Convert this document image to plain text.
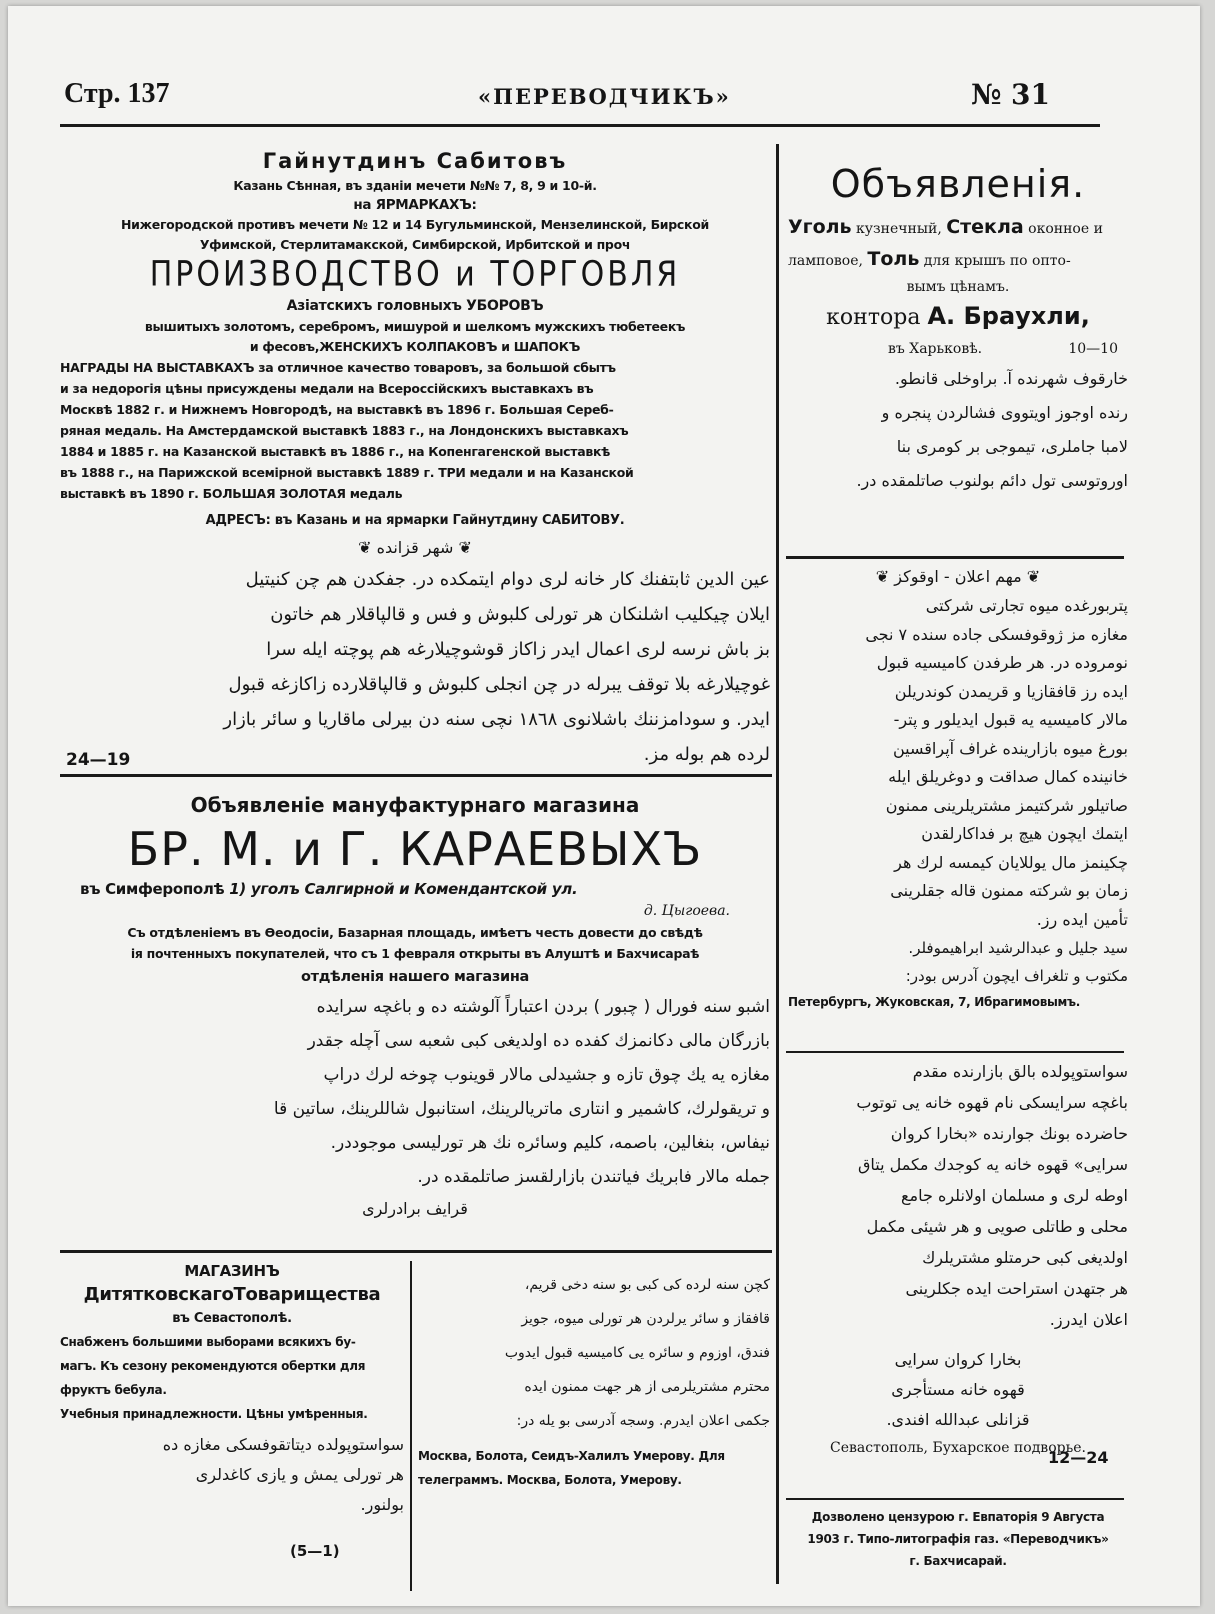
Стр. 137	«ПЕРЕВОДЧИКЪ»	№ 31
Гайнутдинъ Сабитовъ
Казань Сѣнная, въ зданіи мечети №№ 7, 8, 9 и 10-й.
на ЯРМАРКАХЪ:
Нижегородской противъ мечети № 12 и 14 Бугульминской, Мензелинской, Бирской
Уфимской, Стерлитамакской, Симбирской, Ирбитской и проч
ПРОИЗВОДСТВО и ТОРГОВЛЯ
Азіатскихъ головныхъ УБОРОВЪ
вышитыхъ золотомъ, серебромъ, мишурой и шелкомъ мужскихъ тюбетеекъ
и фесовъ,ЖЕНСКИХЪ КОЛПАКОВЪ и ШАПОКЪ
НАГРАДЫ НА ВЫСТАВКАХЪ за отличное качество товаровъ, за большой сбытъ
и за недорогія цѣны присуждены медали на Всероссійскихъ выставкахъ въ
Москвѣ 1882 г. и Нижнемъ Новгородѣ, на выставкѣ въ 1896 г. Большая Сереб-
ряная медаль. На Амстердамской выставкѣ 1883 г., на Лондонскихъ выставкахъ
1884 и 1885 г. на Казанской выставкѣ въ 1886 г., на Копенгагенской выставкѣ
въ 1888 г., на Парижской всемірной выставкѣ 1889 г. ТРИ медали и на Казанской
выставкѣ въ 1890 г. БОЛЬШАЯ ЗОЛОТАЯ медаль
АДРЕСЪ: въ Казань и на ярмарки Гайнутдину САБИТОВУ.
❦ شهر قزانده ❦
عين الدين ثابتفنك كار خانه لرى دوام ايتمكده در. جفكدن هم چن كنيتيل
ايلان چيكليب اشلنكان هر تورلى كلبوش و فس و قالپاقلار هم خاتون
بز باش نرسه لرى اعمال ايدر زاكاز قوشوچيلارغه هم پوچته ايله سرا
غوچيلارغه بلا توقف يبرله در چن انجلى كلبوش و قالپاقلارده زاكازغه قبول
ايدر. و سودامزننك باشلانوى ١٨٦٨ نچى سنه دن بيرلى ماقاريا و سائر بازار
لرده هم بوله مز.
24—19
Объявленіе мануфактурнаго магазина
БР. М. и Г. КАРАЕВЫХЪ
въ Симферополѣ 1) уголъ Салгирной и Комендантской ул.
д. Цыгоева.
Съ отдѣленіемъ въ Ѳеодосіи, Базарная площадь, имѣетъ честь довести до свѣдѣ
ія почтенныхъ покупателей, что съ 1 февраля открыты въ Алуштѣ и Бахчисараѣ
отдѣленія нашего магазина
اشبو سنه فورال ( چبور ) بردن اعتباراً آلوشته ده و باغچه سرايده
بازرگان مالى دكانمزك كفده ده اولديغى كبى شعبه سى آچله جقدر
مغازه يه يك چوق تازه و جشيدلى مالار قوينوب چوخه لرك دراپ
و تريقولرك، كاشمير و انتارى ماتريالرينك، استانبول شاللرينك، ساتين قا
نيفاس، بنغالين، باصمه، كليم وسائره نك هر تورليسى موجوددر.
جمله مالار فابريك فياتندن بازارلقسز صاتلمقده در.
قرايف برادرلرى
МАГАЗИНЪ
ДитятковскагоТоварищества
въ Севастополѣ.
Снабженъ большими выборами всякихъ бу-
магъ. Къ сезону рекомендуются обертки для
фруктъ бебула.
Учебныя принадлежности. Цѣны умѣренныя.
سواستوپولده ديتاتقوفسكى مغازه ده
هر تورلى يمش و يازى كاغدلرى
بولنور.
(5—1)
كچن سنه لرده كى كبى بو سنه دخى قريم،
قافقاز و سائر يرلردن هر تورلى ميوه، جويز
فندق، اوزوم و سائره يى كاميسيه قبول ايدوب
محترم مشتريلرمى از هر جهت ممنون ايده
جكمى اعلان ايدرم. وسجه آدرسى بو يله در:
Москва, Болота, Сеидъ-Халилъ Умерову. Для
телеграммъ. Москва, Болота, Умерову.
Объявленія.
Уголь кузнечный, Стекла оконное и
ламповое, Толь для крышъ по опто-
вымъ цѣнамъ.
контора А. Браухли,
въ Харьковѣ.	10—10
خارقوف شهرنده آ. براوخلى قانطو.
رنده اوجوز اويتووى فشالردن پنجره و
لامبا جاملرى، تيموجى بر كومرى بنا
اوروتوسى تول دائم بولنوب صاتلمقده در.
❦ مهم اعلان - اوقوكز ❦
پتربورغده ميوه تجارتى شركتى
مغازه مز ژوقوفسكى جاده سنده ٧ نجى
نومروده در. هر طرفدن كاميسيه قبول
ايده رز قافقازيا و قريمدن كوندريلن
مالار كاميسيه يه قبول ايديلور و پتر-
بورغ ميوه بازارينده غراف آپراقسين
خانينده كمال صداقت و دوغريلق ايله
صاتيلور شركتيمز مشتريلرينى ممنون
ايتمك ايچون هيچ بر فداكارلقدن
چكينمز مال يوللايان كيمسه لرك هر
زمان بو شركته ممنون قاله جقلرينى
تأمين ايده رز.
سيد جليل و عبدالرشيد ابراهيموفلر.
مكتوب و تلغراف ايچون آدرس بودر:
Петербургъ, Жуковская, 7, Ибрагимовымъ.
سواستوپولده بالق بازارنده مقدم
باغچه سرايسكى نام قهوه خانه يى توتوب
حاضرده بونك جوارنده «بخارا كروان
سرايى» قهوه خانه يه كوجدك مكمل يتاق
اوطه لرى و مسلمان اولانلره جامع
محلى و طاتلى صويى و هر شيئى مكمل
اولديغى كبى حرمتلو مشتريلرك
هر جتهدن استراحت ايده جكلرينى
اعلان ايدرز.
بخارا كروان سرايى
قهوه خانه مستأجرى
قزانلى عبدالله افندى.
12—24
Севастополь, Бухарское подворье.
Дозволено цензурою г. Евпаторія 9 Августа
1903 г. Типо-литографія газ. «Переводчикъ»
г. Бахчисарай.
